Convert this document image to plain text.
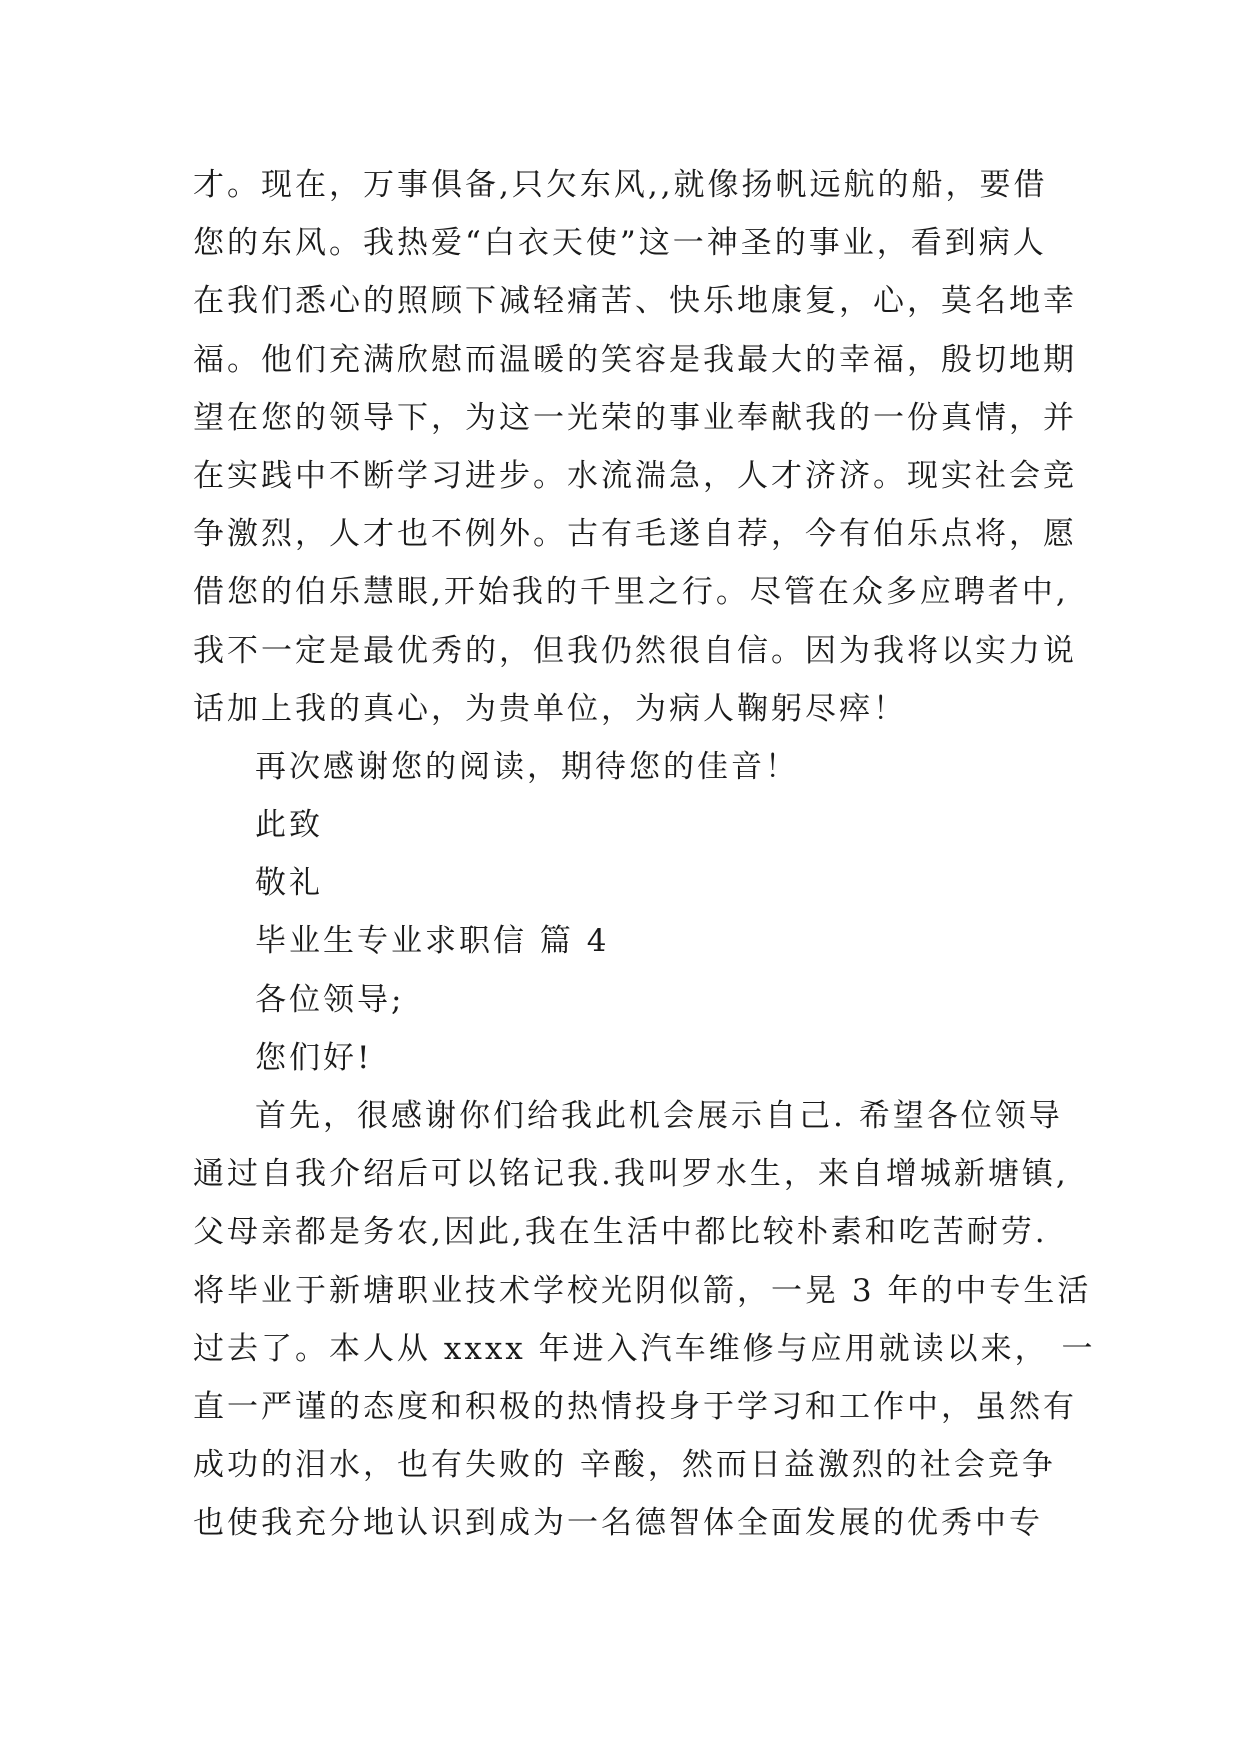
才。现在，万事俱备,只欠东风,,就像扬帆远航的船，要借
您的东风。我热爱“白衣天使”这一神圣的事业，看到病人
在我们悉心的照顾下减轻痛苦、快乐地康复，心，莫名地幸
福。他们充满欣慰而温暖的笑容是我最大的幸福，殷切地期
望在您的领导下，为这一光荣的事业奉献我的一份真情，并
在实践中不断学习进步。水流湍急，人才济济。现实社会竞
争激烈，人才也不例外。古有毛遂自荐，今有伯乐点将，愿
借您的伯乐慧眼,开始我的千里之行。尽管在众多应聘者中,
我不一定是最优秀的，但我仍然很自信。因为我将以实力说
话加上我的真心，为贵单位，为病人鞠躬尽瘁！
再次感谢您的阅读，期待您的佳音！
此致
敬礼
毕业生专业求职信 篇 4
各位领导;
您们好!
首先，很感谢你们给我此机会展示自己. 希望各位领导
通过自我介绍后可以铭记我.我叫罗水生，来自增城新塘镇,
父母亲都是务农,因此,我在生活中都比较朴素和吃苦耐劳.
将毕业于新塘职业技术学校光阴似箭，一晃 3 年的中专生活
过去了。本人从 xxxx 年进入汽车维修与应用就读以来， 一
直一严谨的态度和积极的热情投身于学习和工作中，虽然有
成功的泪水，也有失败的 辛酸，然而日益激烈的社会竞争
也使我充分地认识到成为一名德智体全面发展的优秀中专
